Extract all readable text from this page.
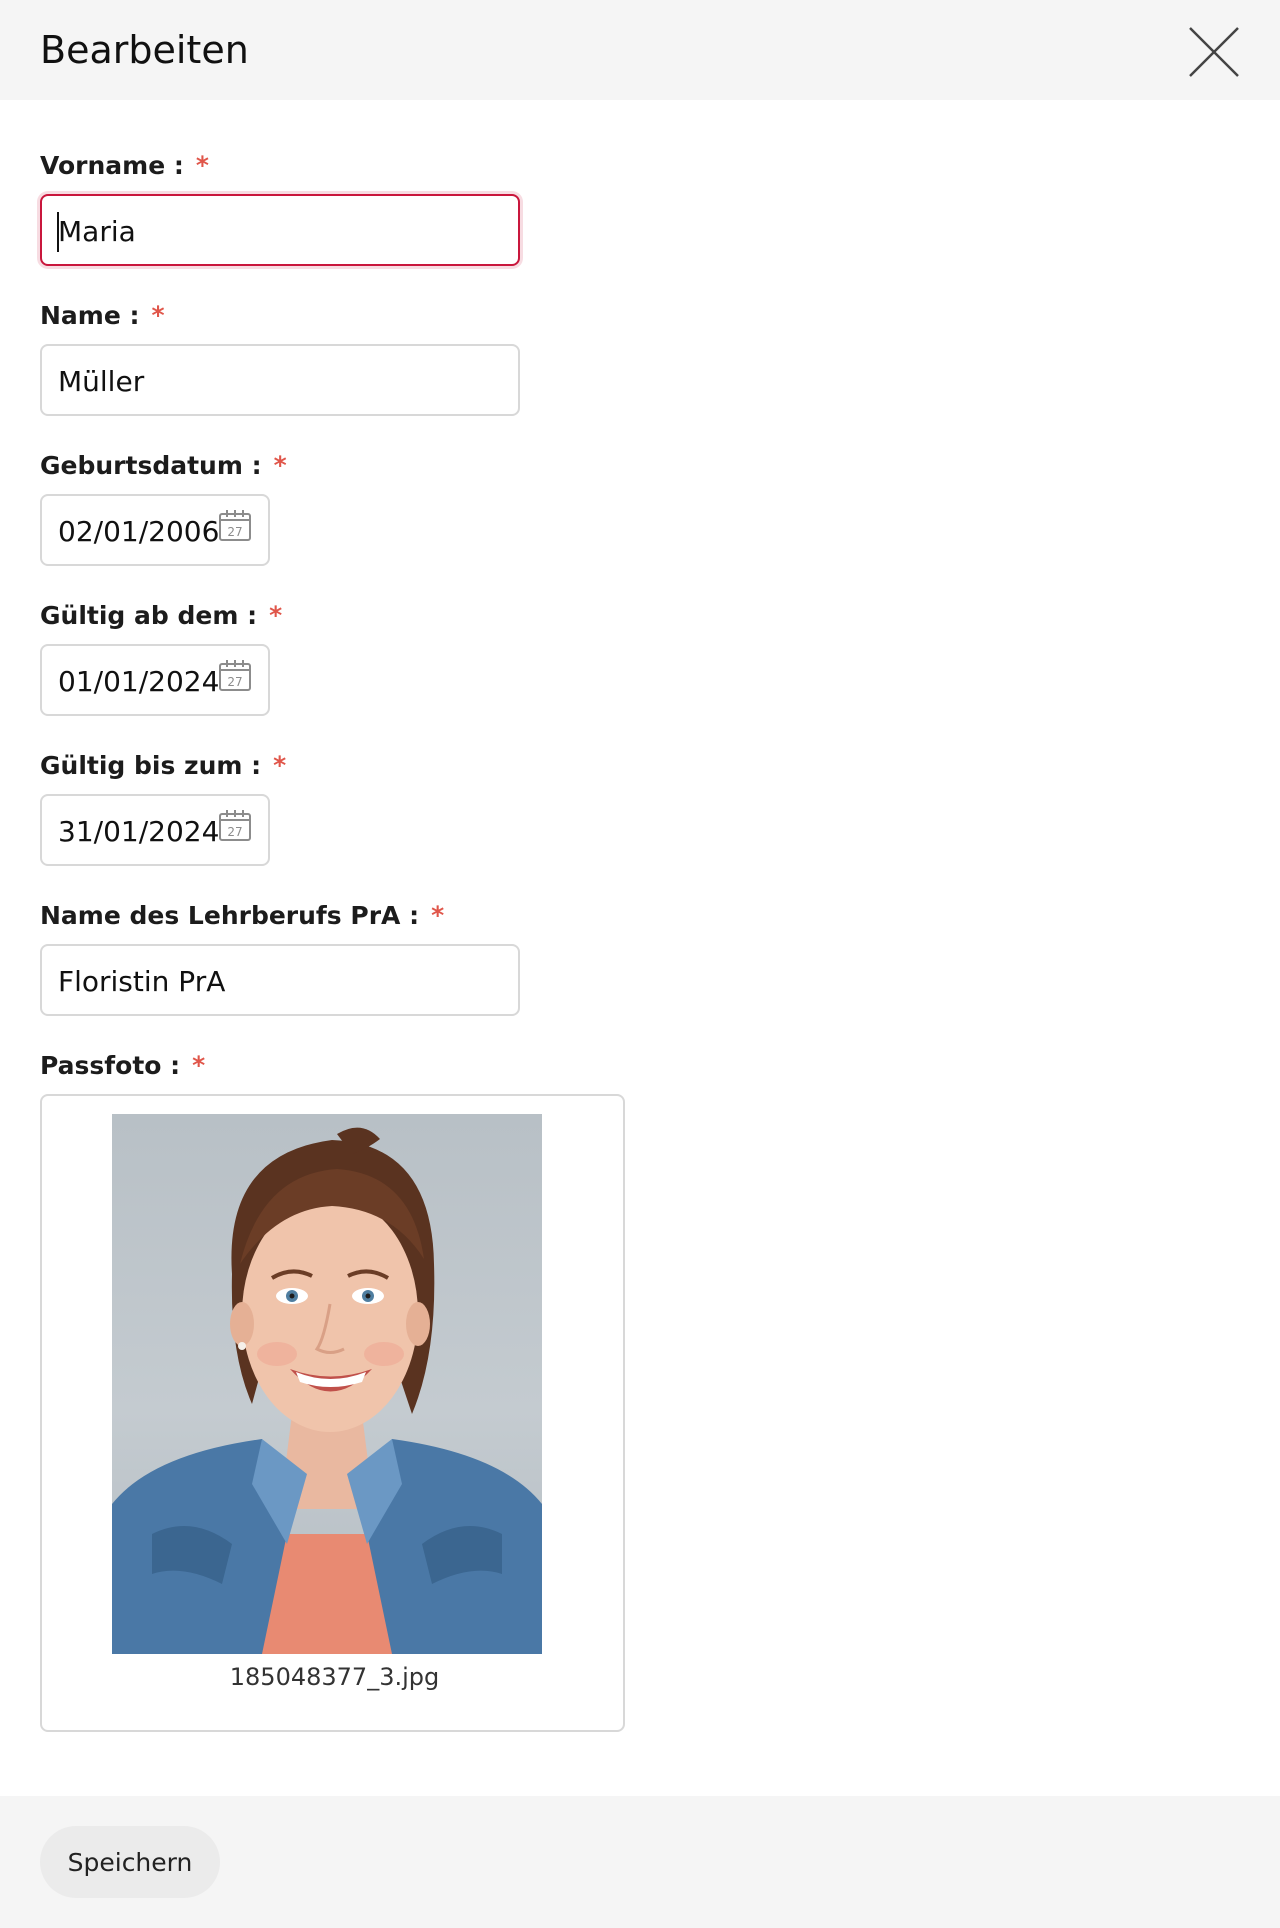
Bearbeiten
Vorname : *
Maria
Name : *
Müller
Geburtsdatum : *
02/01/2006 27
Gültig ab dem : *
01/01/2024 27
Gültig bis zum : *
31/01/2024 27
Name des Lehrberufs PrA : *
Floristin PrA
Passfoto : *
185048377_3.jpg
Speichern
